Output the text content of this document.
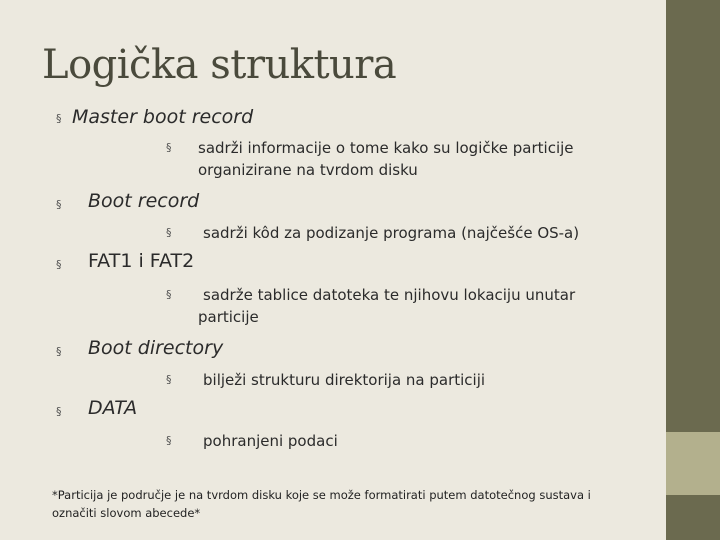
Logička struktura
§ Master boot record
§ sadrži informacije o tome kako su logičke particije organizirane na tvrdom disku
§ Boot record
§ sadrži kôd za podizanje programa (najčešće OS-a)
§ FAT1 i FAT2
§	sadrže tablice datoteka te njihovu lokaciju unutar particije
§ Boot directory
§ bilježi strukturu direktorija na particiji
§ DATA
§ pohranjeni podaci
*Particija je područje je na tvrdom disku koje se može formatirati putem datotečnog sustava i označiti slovom abecede*
